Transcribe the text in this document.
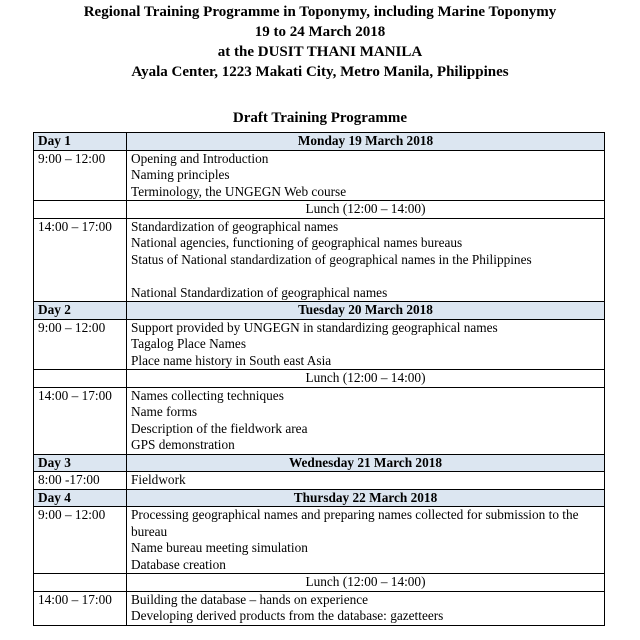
Regional Training Programme in Toponymy, including Marine Toponymy
19 to 24 March 2018
at the DUSIT THANI MANILA
Ayala Center, 1223 Makati City, Metro Manila, Philippines
Draft Training Programme
Day 1	Monday 19 March 2018
9:00 – 12:00	Opening and Introduction
Naming principles
Terminology, the UNGEGN Web course

	Lunch (12:00 – 14:00)
14:00 – 17:00	Standardization of geographical names
National agencies, functioning of geographical names bureaus
Status of National standardization of geographical names in the Philippines
National Standardization of geographical names

Day 2	Tuesday 20 March 2018
9:00 – 12:00	Support provided by UNGEGN in standardizing geographical names
Tagalog Place Names
Place name history in South east Asia

	Lunch (12:00 – 14:00)
14:00 – 17:00	Names collecting techniques
Name forms
Description of the fieldwork area
GPS demonstration

Day 3	Wednesday 21 March 2018
8:00 -17:00	Fieldwork

Day 4	Thursday 22 March 2018
9:00 – 12:00	Processing geographical names and preparing names collected for submission to the bureau
Name bureau meeting simulation
Database creation

	Lunch (12:00 – 14:00)
14:00 – 17:00	Building the database – hands on experience
Developing derived products from the database: gazetteers
